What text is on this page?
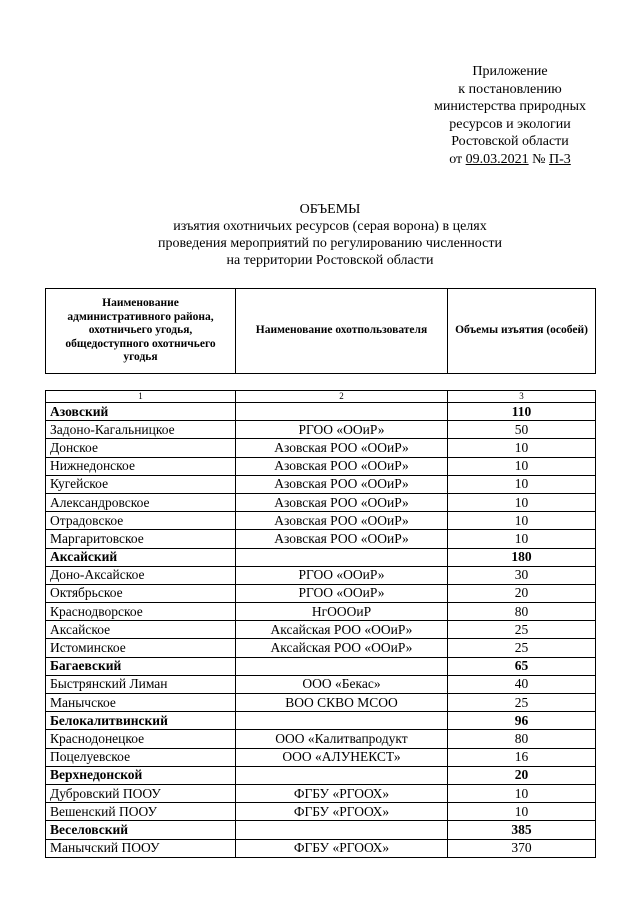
Приложение
к постановлению
министерства природных
ресурсов и экологии
Ростовской области
от 09.03.2021 № П-3
ОБЪЕМЫ
изъятия охотничьих ресурсов (серая ворона) в целях
проведения мероприятий по регулированию численности
на территории Ростовской области
Наименование административного района, охотничьего угодья, общедоступного охотничьего угодья	Наименование охотпользователя	Объемы изъятия (особей)
1	2	3
Азовский		110
Задоно-Кагальницкое	РГОО «ООиР»	50
Донское	Азовская РОО «ООиР»	10
Нижнедонское	Азовская РОО «ООиР»	10
Кугейское	Азовская РОО «ООиР»	10
Александровское	Азовская РОО «ООиР»	10
Отрадовское	Азовская РОО «ООиР»	10
Маргаритовское	Азовская РОО «ООиР»	10
Аксайский		180
Доно-Аксайское	РГОО «ООиР»	30
Октябрьское	РГОО «ООиР»	20
Краснодворское	НгОООиР	80
Аксайское	Аксайская РОО «ООиР»	25
Истоминское	Аксайская РОО «ООиР»	25
Багаевский		65
Быстрянский Лиман	ООО «Бекас»	40
Манычское	ВОО СКВО МСОО	25
Белокалитвинский		96
Краснодонецкое	ООО «Калитвапродукт	80
Поцелуевское	ООО «АЛУНЕКСТ»	16
Верхнедонской		20
Дубровский ПООУ	ФГБУ «РГООХ»	10
Вешенский ПООУ	ФГБУ «РГООХ»	10
Веселовский		385
Манычский ПООУ	ФГБУ «РГООХ»	370
